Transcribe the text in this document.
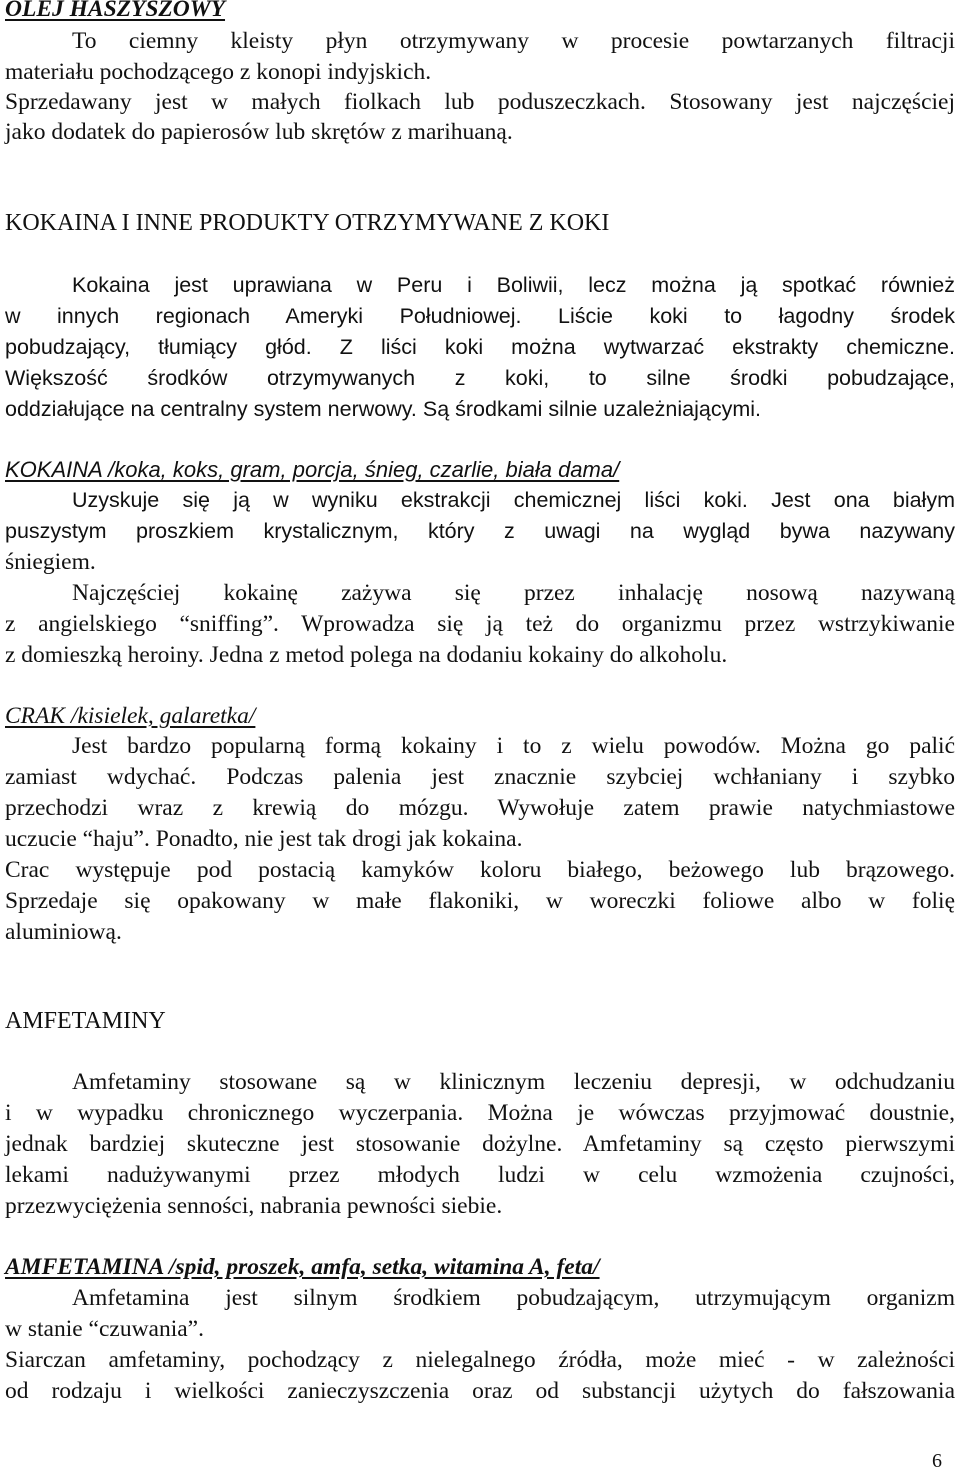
OLEJ HASZYSZOWY
To ciemny kleisty płyn otrzymywany w procesie powtarzanych filtracji
materiału pochodzącego z konopi indyjskich.
Sprzedawany jest w małych fiolkach lub poduszeczkach. Stosowany jest najczęściej
jako dodatek do papierosów lub skrętów z marihuaną.
KOKAINA I INNE PRODUKTY OTRZYMYWANE Z KOKI
Kokaina jest uprawiana w Peru i Boliwii, lecz można ją spotkać również
w innych regionach Ameryki Południowej. Liście koki to łagodny środek
pobudzający, tłumiący głód. Z liści koki można wytwarzać ekstrakty chemiczne.
Większość środków otrzymywanych z koki, to silne środki pobudzające,
oddziałujące na centralny system nerwowy. Są środkami silnie uzależniającymi.
KOKAINA /koka, koks, gram, porcja, śnieg, czarlie, biała dama/
Uzyskuje się ją w wyniku ekstrakcji chemicznej liści koki. Jest ona białym
puszystym proszkiem krystalicznym, który z uwagi na wygląd bywa nazywany
śniegiem.
Najczęściej kokainę zażywa się przez inhalację nosową nazywaną
z angielskiego “sniffing”. Wprowadza się ją też do organizmu przez wstrzykiwanie
z domieszką heroiny. Jedna z metod polega na dodaniu kokainy do alkoholu.
CRAK /kisielek, galaretka/
Jest bardzo popularną formą kokainy i to z wielu powodów. Można go palić
zamiast wdychać. Podczas palenia jest znacznie szybciej wchłaniany i szybko
przechodzi wraz z krewią do mózgu. Wywołuje zatem prawie natychmiastowe
uczucie “haju”. Ponadto, nie jest tak drogi jak kokaina.
Crac występuje pod postacią kamyków koloru białego, beżowego lub brązowego.
Sprzedaje się opakowany w małe flakoniki, w woreczki foliowe albo w folię
aluminiową.
AMFETAMINY
Amfetaminy stosowane są w klinicznym leczeniu depresji, w odchudzaniu
i w wypadku chronicznego wyczerpania. Można je wówczas przyjmować doustnie,
jednak bardziej skuteczne jest stosowanie dożylne. Amfetaminy są często pierwszymi
lekami nadużywanymi przez młodych ludzi w celu wzmożenia czujności,
przezwyciężenia senności, nabrania pewności siebie.
AMFETAMINA /spid, proszek, amfa, setka, witamina A, feta/
Amfetamina jest silnym środkiem pobudzającym, utrzymującym organizm
w stanie “czuwania”.
Siarczan amfetaminy, pochodzący z nielegalnego źródła, może mieć - w zależności
od rodzaju i wielkości zanieczyszczenia oraz od substancji użytych do fałszowania
6
